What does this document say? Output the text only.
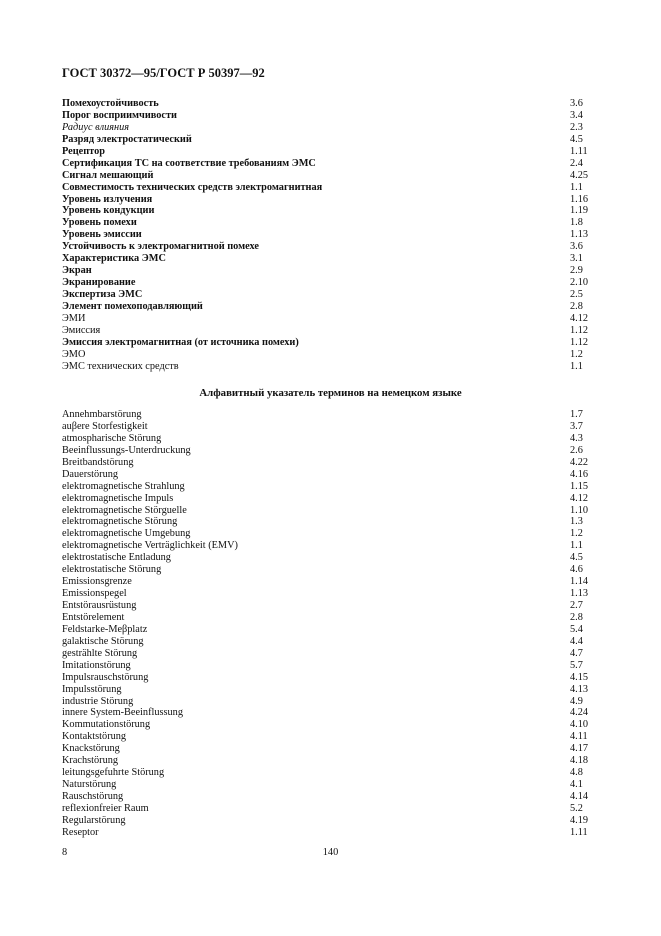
ГОСТ 30372—95/ГОСТ Р 50397—92
Помехоустойчивость	3.6
Порог восприимчивости	3.4
Радиус влияния	2.3
Разряд электростатический	4.5
Рецептор	1.11
Сертификация ТС на соответствие требованиям ЭМС	2.4
Сигнал мешающий	4.25
Совместимость технических средств электромагнитная	1.1
Уровень излучения	1.16
Уровень кондукции	1.19
Уровень помехи	1.8
Уровень эмиссии	1.13
Устойчивость к электромагнитной помехе	3.6
Характеристика ЭМС	3.1
Экран	2.9
Экранирование	2.10
Экспертиза ЭМС	2.5
Элемент помехоподавляющий	2.8
ЭМИ	4.12
Эмиссия	1.12
Эмиссия электромагнитная (от источника помехи)	1.12
ЭМО	1.2
ЭМС технических средств	1.1
Алфавитный указатель терминов на немецком языке
Annehmbarstörung	1.7
auβere Storfestigkeit	3.7
atmospharische Störung	4.3
Beeinflussungs-Unterdruckung	2.6
Breitbandstörung	4.22
Dauerstörung	4.16
elektromagnetische Strahlung	1.15
elektromagnetische Impuls	4.12
elektromagnetische Störguelle	1.10
elektromagnetische Störung	1.3
elektromagnetische Umgebung	1.2
elektromagnetische Verträglichkeit (EMV)	1.1
elektrostatische Entladung	4.5
elektrostatische Störung	4.6
Emissionsgrenze	1.14
Emissionspegel	1.13
Entstörausrüstung	2.7
Entstörelement	2.8
Feldstarke-Meβplatz	5.4
galaktische Störung	4.4
gestrählte Störung	4.7
Imitationstörung	5.7
Impulsrauschstörung	4.15
Impulsstörung	4.13
industrie Störung	4.9
innere System-Beeinflussung	4.24
Kommutationstörung	4.10
Kontaktstörung	4.11
Knackstörung	4.17
Krachstörung	4.18
leitungsgefuhrte Störung	4.8
Naturstörung	4.1
Rauschstörung	4.14
reflexionfreier Raum	5.2
Regularstörung	4.19
Reseptor	1.11
8	140
